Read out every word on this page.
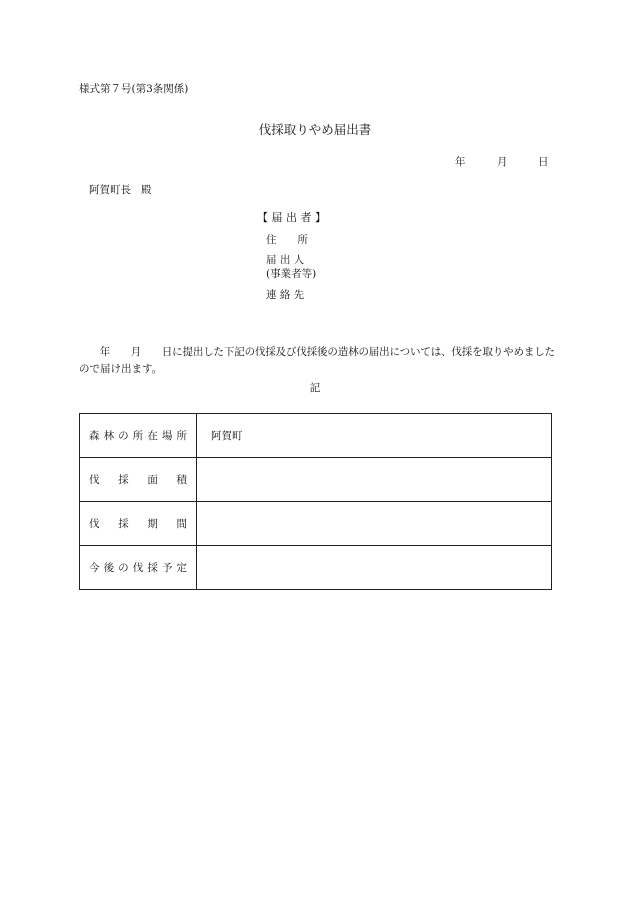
様式第７号(第3条関係)
伐採取りやめ届出書
年	月	日
阿賀町長 殿
【 届 出 者 】
住　　所
届 出 人
(事業者等)
連 絡 先
　　年　　月　　日に提出した下記の伐採及び伐採後の造林の届出については、伐採を取りやめました
ので届け出ます。
記
森林の所在場所	阿賀町
伐採面積	
伐採期間	
今後の伐採予定	
